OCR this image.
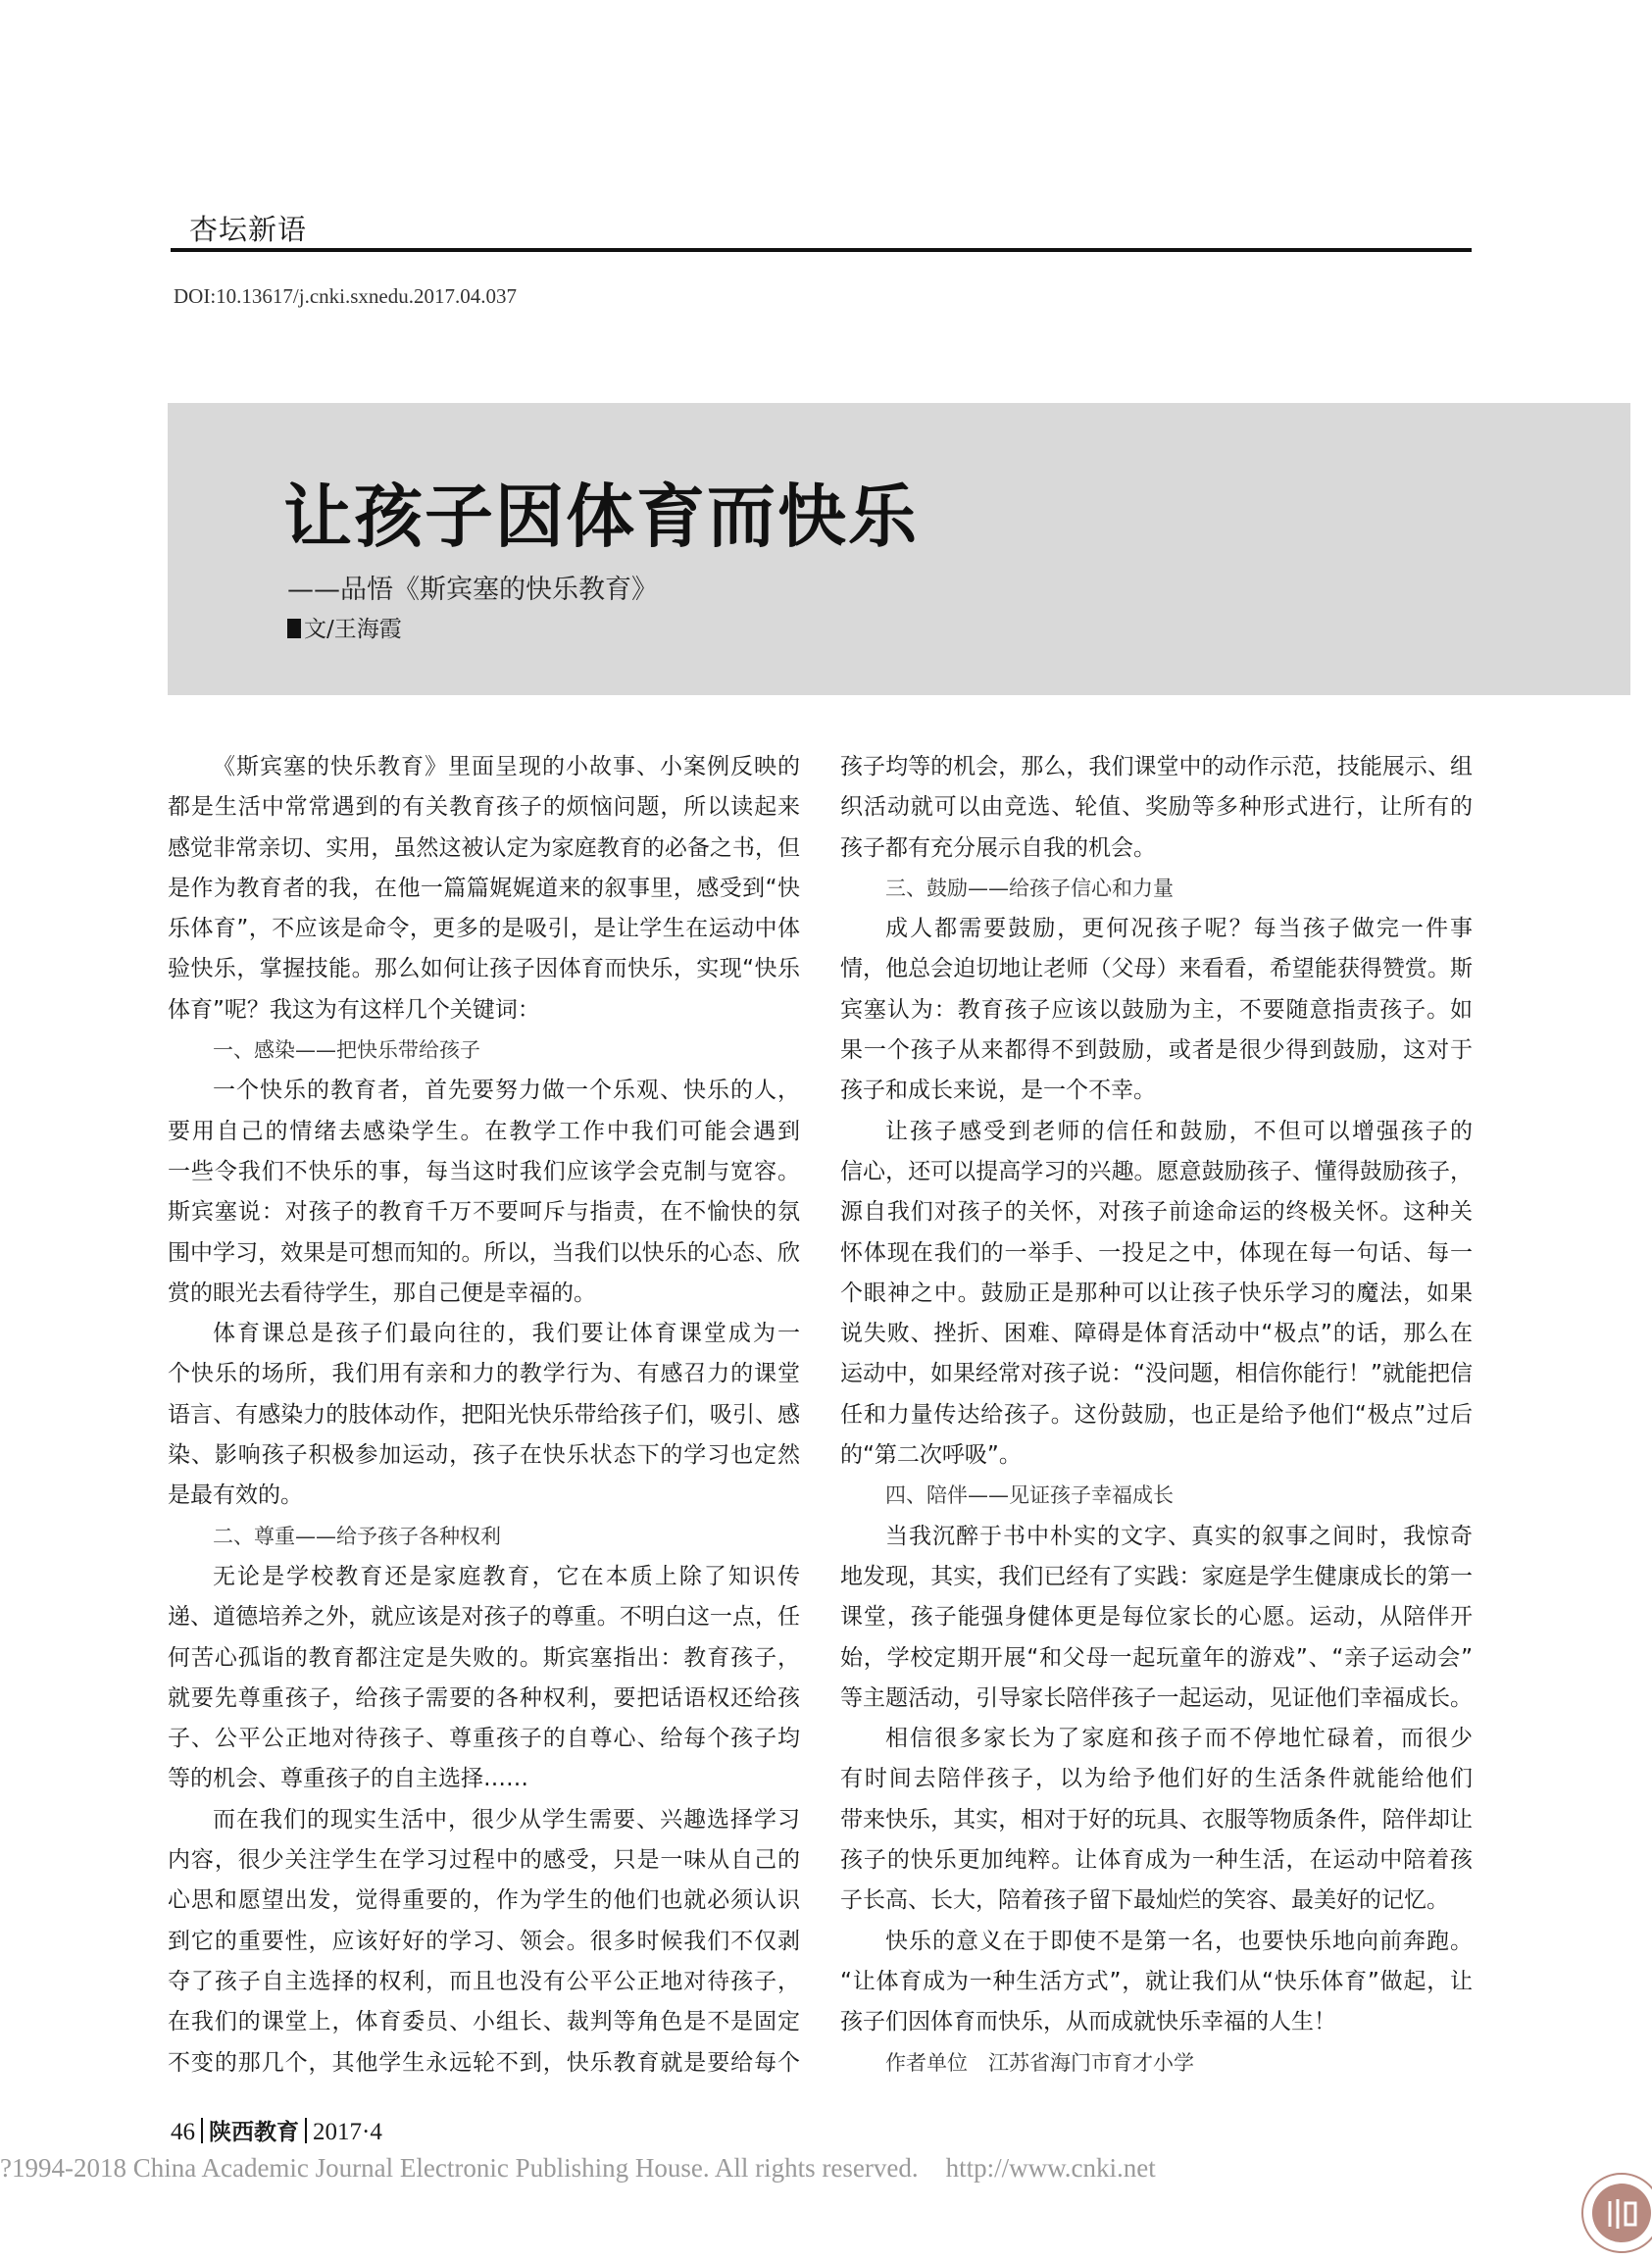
杏坛新语
DOI:10.13617/j.cnki.sxnedu.2017.04.037
让孩子因体育而快乐
——品悟《斯宾塞的快乐教育》
文/王海霞
《斯宾塞的快乐教育》里面呈现的小故事、小案例反映的
都是生活中常常遇到的有关教育孩子的烦恼问题，所以读起来
感觉非常亲切、实用，虽然这被认定为家庭教育的必备之书，但
是作为教育者的我，在他一篇篇娓娓道来的叙事里，感受到“快
乐体育”，不应该是命令，更多的是吸引，是让学生在运动中体
验快乐，掌握技能。那么如何让孩子因体育而快乐，实现“快乐
体育”呢？我这为有这样几个关键词：
一、感染——把快乐带给孩子
一个快乐的教育者，首先要努力做一个乐观、快乐的人，
要用自己的情绪去感染学生。在教学工作中我们可能会遇到
一些令我们不快乐的事，每当这时我们应该学会克制与宽容。
斯宾塞说：对孩子的教育千万不要呵斥与指责，在不愉快的氛
围中学习，效果是可想而知的。所以，当我们以快乐的心态、欣
赏的眼光去看待学生，那自己便是幸福的。
体育课总是孩子们最向往的，我们要让体育课堂成为一
个快乐的场所，我们用有亲和力的教学行为、有感召力的课堂
语言、有感染力的肢体动作，把阳光快乐带给孩子们，吸引、感
染、影响孩子积极参加运动，孩子在快乐状态下的学习也定然
是最有效的。
二、尊重——给予孩子各种权利
无论是学校教育还是家庭教育，它在本质上除了知识传
递、道德培养之外，就应该是对孩子的尊重。不明白这一点，任
何苦心孤诣的教育都注定是失败的。斯宾塞指出：教育孩子，
就要先尊重孩子，给孩子需要的各种权利，要把话语权还给孩
子、公平公正地对待孩子、尊重孩子的自尊心、给每个孩子均
等的机会、尊重孩子的自主选择……
而在我们的现实生活中，很少从学生需要、兴趣选择学习
内容，很少关注学生在学习过程中的感受，只是一味从自己的
心思和愿望出发，觉得重要的，作为学生的他们也就必须认识
到它的重要性，应该好好的学习、领会。很多时候我们不仅剥
夺了孩子自主选择的权利，而且也没有公平公正地对待孩子，
在我们的课堂上，体育委员、小组长、裁判等角色是不是固定
不变的那几个，其他学生永远轮不到，快乐教育就是要给每个
孩子均等的机会，那么，我们课堂中的动作示范，技能展示、组
织活动就可以由竞选、轮值、奖励等多种形式进行，让所有的
孩子都有充分展示自我的机会。
三、鼓励——给孩子信心和力量
成人都需要鼓励，更何况孩子呢？每当孩子做完一件事
情，他总会迫切地让老师（父母）来看看，希望能获得赞赏。斯
宾塞认为：教育孩子应该以鼓励为主，不要随意指责孩子。如
果一个孩子从来都得不到鼓励，或者是很少得到鼓励，这对于
孩子和成长来说，是一个不幸。
让孩子感受到老师的信任和鼓励，不但可以增强孩子的
信心，还可以提高学习的兴趣。愿意鼓励孩子、懂得鼓励孩子，
源自我们对孩子的关怀，对孩子前途命运的终极关怀。这种关
怀体现在我们的一举手、一投足之中，体现在每一句话、每一
个眼神之中。鼓励正是那种可以让孩子快乐学习的魔法，如果
说失败、挫折、困难、障碍是体育活动中“极点”的话，那么在
运动中，如果经常对孩子说：“没问题，相信你能行！”就能把信
任和力量传达给孩子。这份鼓励，也正是给予他们“极点”过后
的“第二次呼吸”。
四、陪伴——见证孩子幸福成长
当我沉醉于书中朴实的文字、真实的叙事之间时，我惊奇
地发现，其实，我们已经有了实践：家庭是学生健康成长的第一
课堂，孩子能强身健体更是每位家长的心愿。运动，从陪伴开
始，学校定期开展“和父母一起玩童年的游戏”、“亲子运动会”
等主题活动，引导家长陪伴孩子一起运动，见证他们幸福成长。
相信很多家长为了家庭和孩子而不停地忙碌着，而很少
有时间去陪伴孩子，以为给予他们好的生活条件就能给他们
带来快乐，其实，相对于好的玩具、衣服等物质条件，陪伴却让
孩子的快乐更加纯粹。让体育成为一种生活，在运动中陪着孩
子长高、长大，陪着孩子留下最灿烂的笑容、最美好的记忆。
快乐的意义在于即使不是第一名，也要快乐地向前奔跑。
“让体育成为一种生活方式”，就让我们从“快乐体育”做起，让
孩子们因体育而快乐，从而成就快乐幸福的人生！
作者单位　江苏省海门市育才小学
46 陕西教育 2017·4
?1994-2018 China Academic Journal Electronic Publishing House. All rights reserved. http://www.cnki.net
